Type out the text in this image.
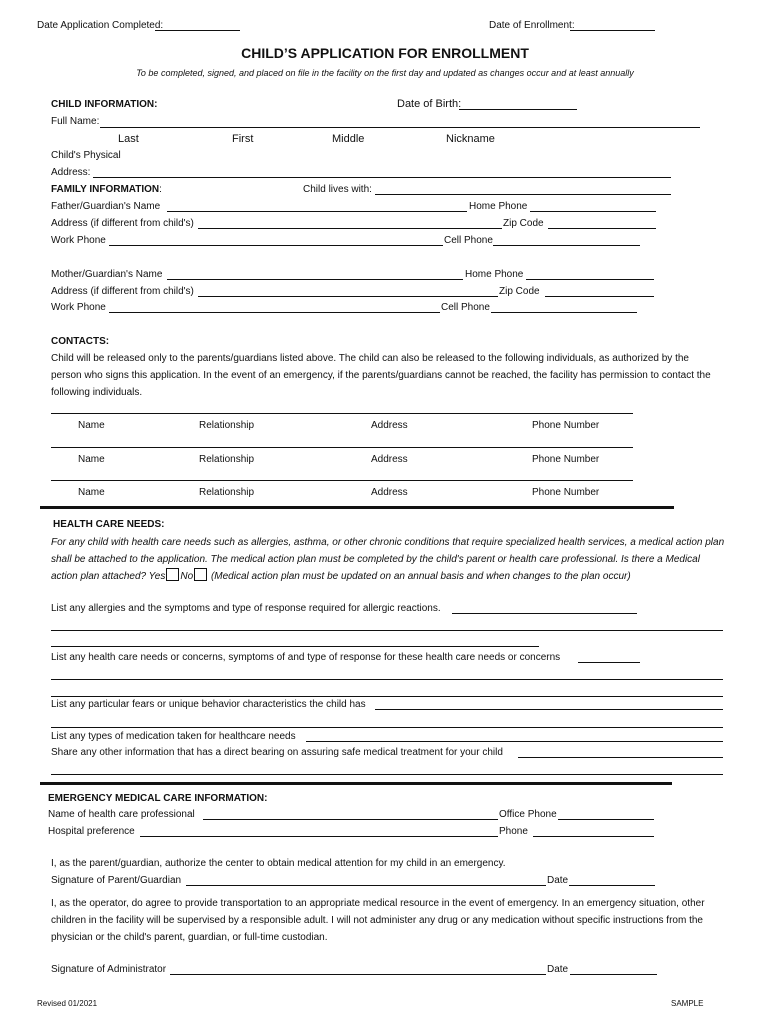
Date Application Completed:	Date of Enrollment:
CHILD’S APPLICATION FOR ENROLLMENT
To be completed, signed, and placed on file in the facility on the first day and updated as changes occur and at least annually
CHILD INFORMATION:	Date of Birth:
Full Name:
Last	First	Middle	Nickname
Child's Physical
Address:
FAMILY INFORMATION:	Child lives with:
Father/Guardian's Name	Home Phone
Address (if different from child's)	Zip Code
Work Phone	Cell Phone
Mother/Guardian's Name	Home Phone
Address (if different from child's)	Zip Code
Work Phone	Cell Phone
CONTACTS:
Child will be released only to the parents/guardians listed above. The child can also be released to the following individuals, as authorized by the person who signs this application. In the event of an emergency, if the parents/guardians cannot be reached, the facility has permission to contact the following individuals.
Name	Relationship	Address	Phone Number
Name	Relationship	Address	Phone Number
Name	Relationship	Address	Phone Number
HEALTH CARE NEEDS:
For any child with health care needs such as allergies, asthma, or other chronic conditions that require specialized health services, a medical action plan shall be attached to the application. The medical action plan must be completed by the child's parent or health care professional. Is there a Medical action plan attached? Yes No (Medical action plan must be updated on an annual basis and when changes to the plan occur)
List any allergies and the symptoms and type of response required for allergic reactions.
List any health care needs or concerns, symptoms of and type of response for these health care needs or concerns
List any particular fears or unique behavior characteristics the child has
List any types of medication taken for healthcare needs
Share any other information that has a direct bearing on assuring safe medical treatment for your child
EMERGENCY MEDICAL CARE INFORMATION:
Name of health care professional	Office Phone
Hospital preference	Phone
I, as the parent/guardian, authorize the center to obtain medical attention for my child in an emergency.
Signature of Parent/Guardian	Date
I, as the operator, do agree to provide transportation to an appropriate medical resource in the event of emergency. In an emergency situation, other children in the facility will be supervised by a responsible adult. I will not administer any drug or any medication without specific instructions from the physician or the child's parent, guardian, or full-time custodian.
Signature of Administrator	Date
Revised 01/2021	SAMPLE
